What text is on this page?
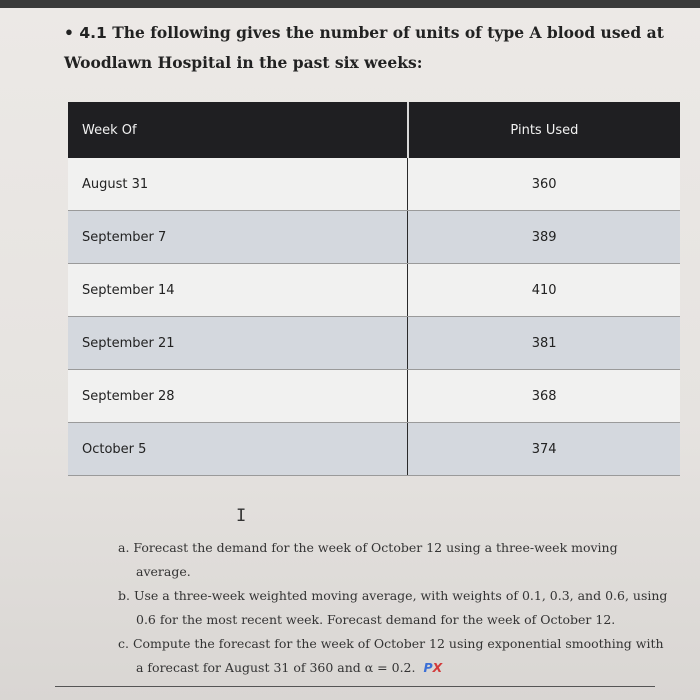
• 4.1 The following gives the number of units of type A blood used at Woodlawn Hospital in the past six weeks:
Week Of	Pints Used
August 31	360
September 7	389
September 14	410
September 21	381
September 28	368
October 5	374
I
a. Forecast the demand for the week of October 12 using a three-week moving average.
b. Use a three-week weighted moving average, with weights of 0.1, 0.3, and 0.6, using 0.6 for the most recent week. Forecast demand for the week of October 12.
c. Compute the forecast for the week of October 12 using exponential smoothing with a forecast for August 31 of 360 and α = 0.2. PX
